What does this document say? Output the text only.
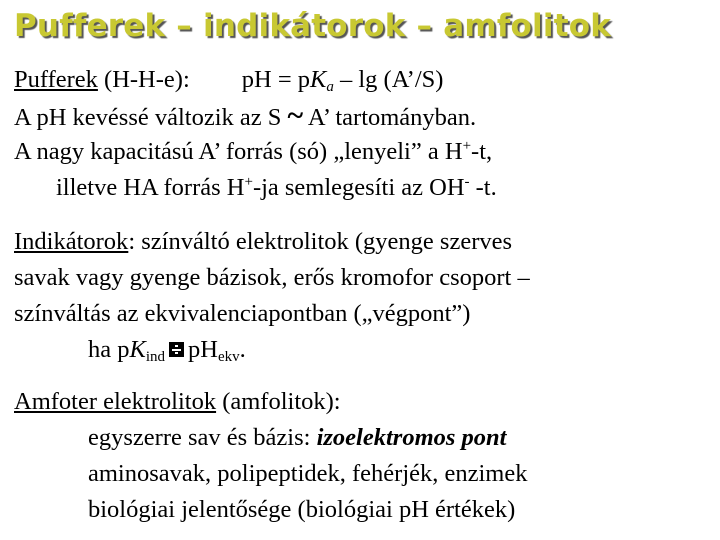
Pufferek – indikátorok – amfolitok
Pufferek (H-H-e): pH = $pK_a$ – lg (A’/S)
A pH kevéssé változik az S ~ A’ tartományban.
A nagy kapacitású A’ forrás (só) „lenyeli” a H+-t,
illetve HA forrás H+-ja semlegesíti az OH- -t.
Indikátorok: színváltó elektrolitok (gyenge szerves
savak vagy gyenge bázisok, erős kromofor csoport –
színváltás az ekvivalenciapontban („végpont”)
ha $pK_{ind}$ $pH_{ekv}$.
Amfoter elektrolitok (amfolitok):
egyszerre sav és bázis: izoelektromos pont
aminosavak, polipeptidek, fehérjék, enzimek
biológiai jelentősége (biológiai pH értékek)
